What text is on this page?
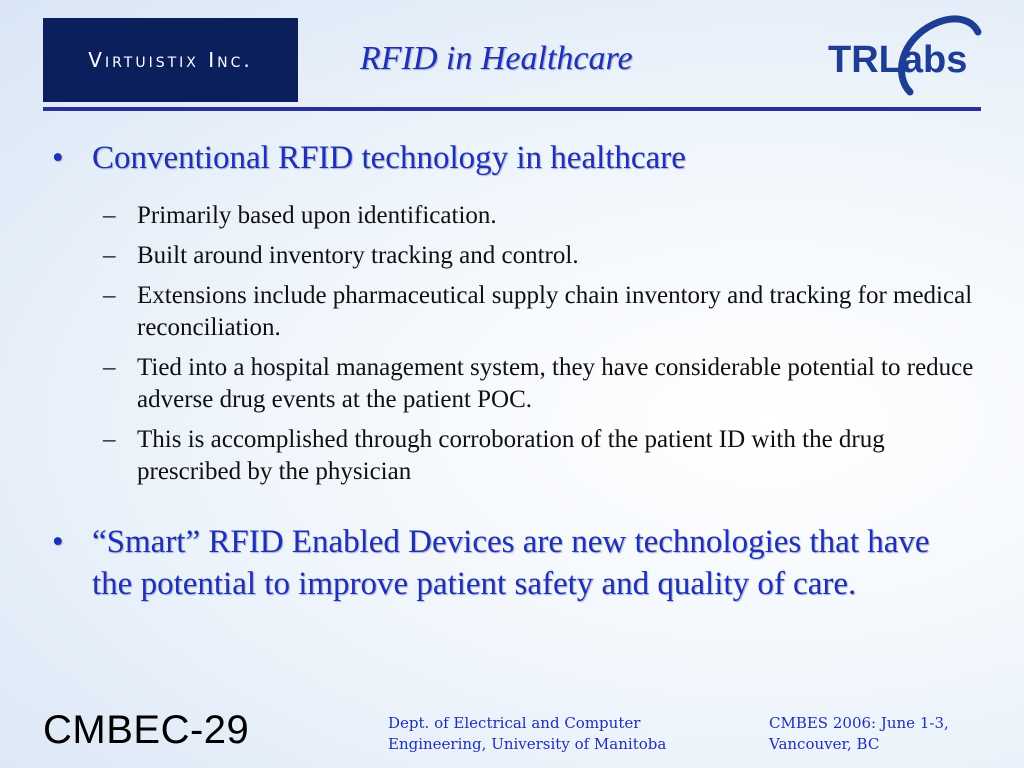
Virtuistix Inc.	RFID in Healthcare	TRLabs
• Conventional RFID technology in healthcare
– Primarily based upon identification.
– Built around inventory tracking and control.
– Extensions include pharmaceutical supply chain inventory and tracking for medical reconciliation.
– Tied into a hospital management system, they have considerable potential to reduce adverse drug events at the patient POC.
– This is accomplished through corroboration of the patient ID with the drug prescribed by the physician
• “Smart” RFID Enabled Devices are new technologies that have the potential to improve patient safety and quality of care.
CMBEC-29	Dept. of Electrical and Computer
Engineering, University of Manitoba
CMBES 2006: June 1-3,
Vancouver, BC
